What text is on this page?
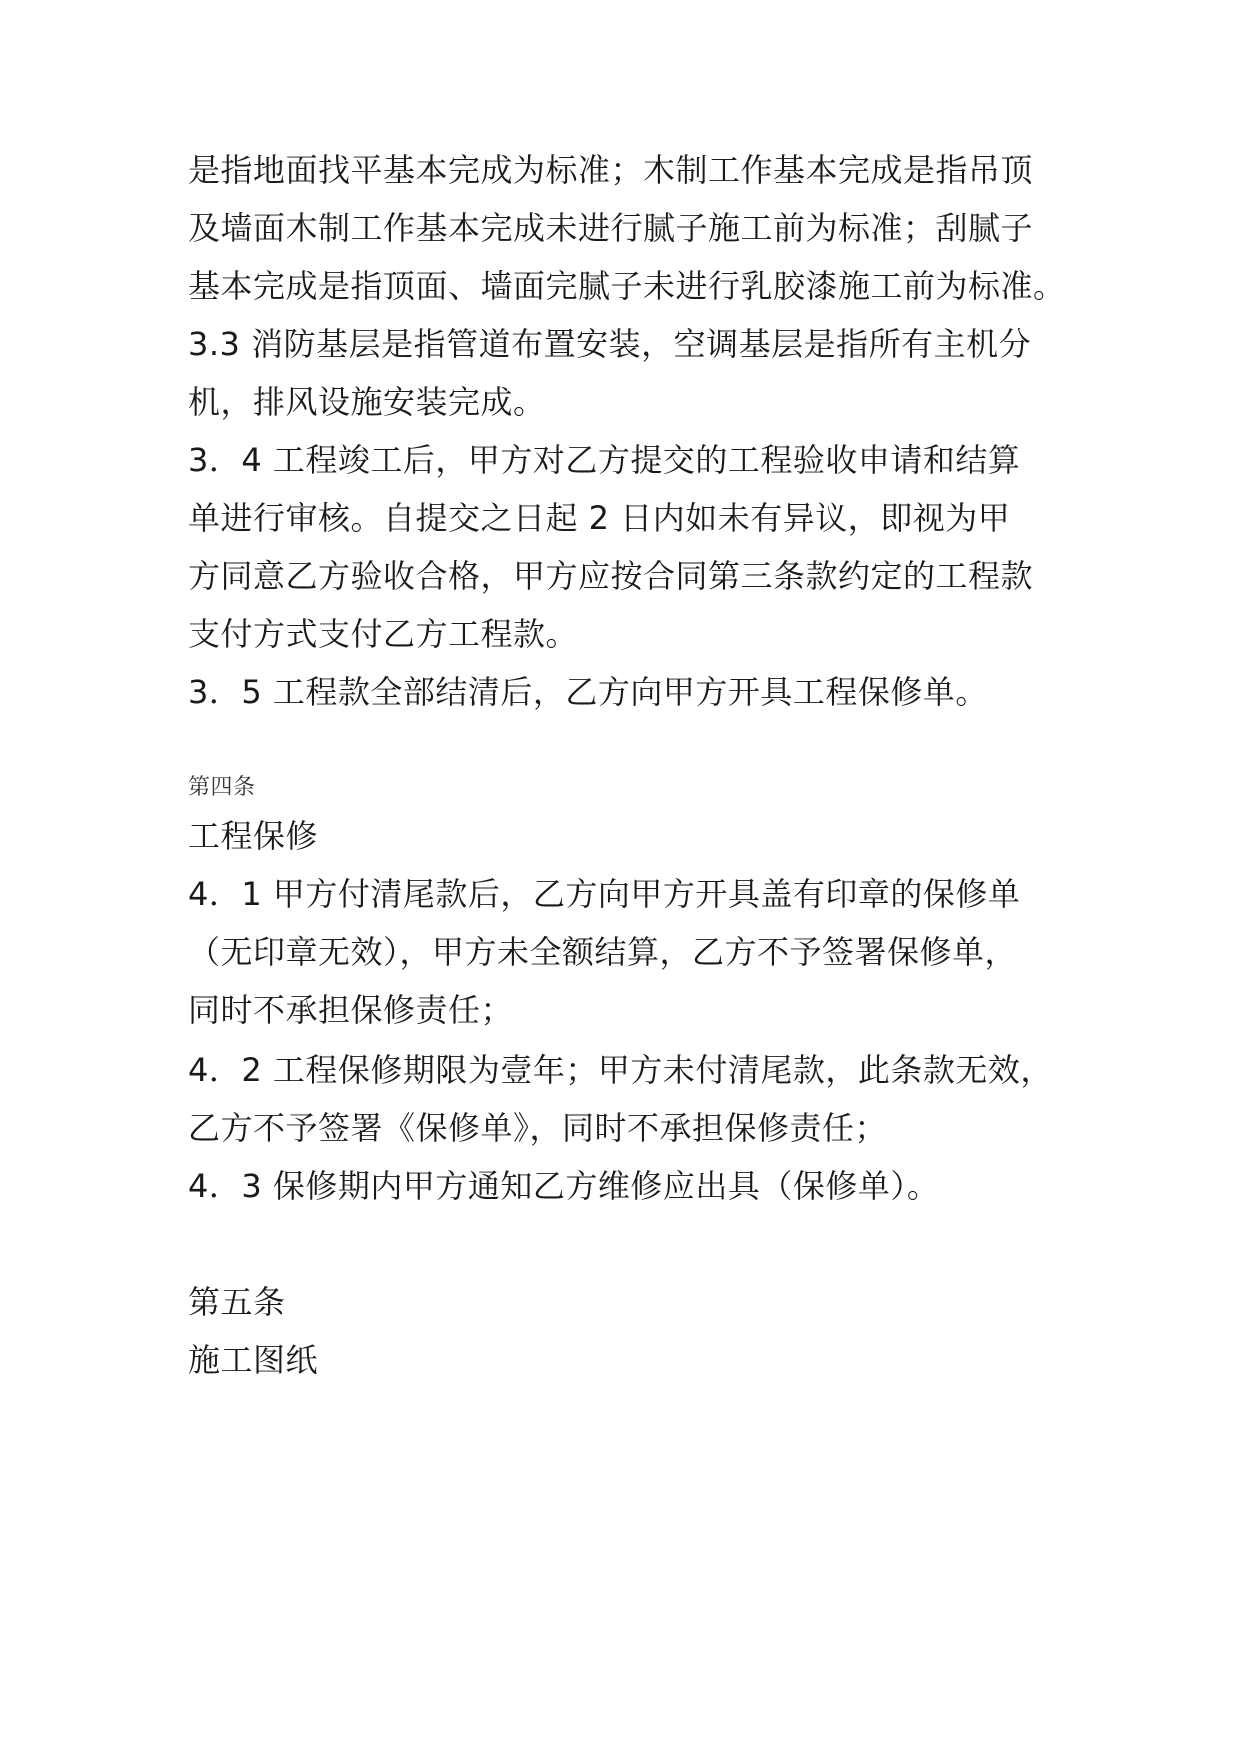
是指地面找平基本完成为标准；木制工作基本完成是指吊顶
及墙面木制工作基本完成未进行腻子施工前为标准；刮腻子
基本完成是指顶面、墙面完腻子未进行乳胶漆施工前为标准。
3.3 消防基层是指管道布置安装，空调基层是指所有主机分
机，排风设施安装完成。
3．4 工程竣工后，甲方对乙方提交的工程验收申请和结算
单进行审核。自提交之日起 2 日内如未有异议，即视为甲
方同意乙方验收合格，甲方应按合同第三条款约定的工程款
支付方式支付乙方工程款。
3．5 工程款全部结清后，乙方向甲方开具工程保修单。
第四条
工程保修
4．1 甲方付清尾款后，乙方向甲方开具盖有印章的保修单
（无印章无效），甲方未全额结算，乙方不予签署保修单，
同时不承担保修责任；
4．2 工程保修期限为壹年；甲方未付清尾款，此条款无效，
乙方不予签署《保修单》，同时不承担保修责任；
4．3 保修期内甲方通知乙方维修应出具（保修单）。
第五条
施工图纸
